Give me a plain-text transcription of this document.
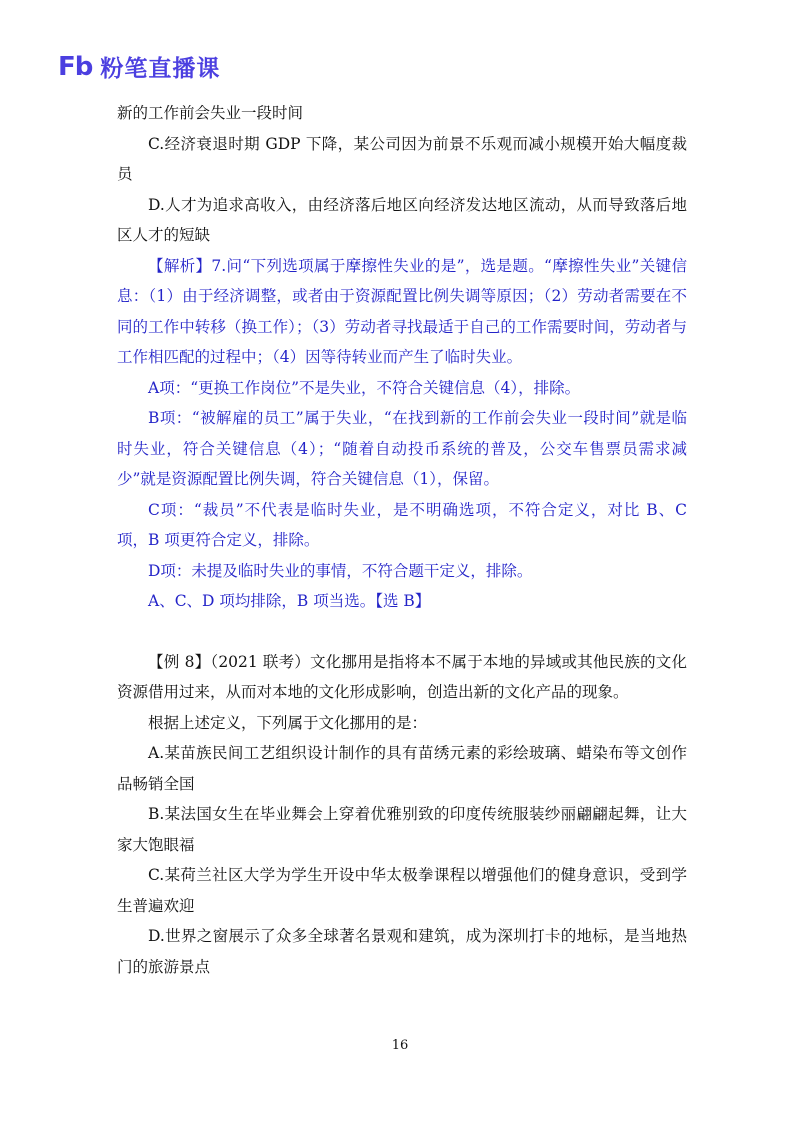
Fb 粉笔直播课

新的工作前会失业一段时间

C.经济衰退时期 GDP 下降，某公司因为前景不乐观而减小规模开始大幅度裁员

D.人才为追求高收入，由经济落后地区向经济发达地区流动，从而导致落后地区人才的短缺

【解析】7.问“下列选项属于摩擦性失业的是”，选是题。“摩擦性失业”关键信息：（1）由于经济调整，或者由于资源配置比例失调等原因；（2）劳动者需要在不同的工作中转移（换工作）；（3）劳动者寻找最适于自己的工作需要时间，劳动者与工作相匹配的过程中；（4）因等待转业而产生了临时失业。

A项：“更换工作岗位”不是失业，不符合关键信息（4），排除。

B项：“被解雇的员工”属于失业，“在找到新的工作前会失业一段时间”就是临时失业，符合关键信息（4）；“随着自动投币系统的普及，公交车售票员需求减少”就是资源配置比例失调，符合关键信息（1），保留。

C项：“裁员”不代表是临时失业，是不明确选项，不符合定义，对比 B、C 项，B 项更符合定义，排除。

D项：未提及临时失业的事情，不符合题干定义，排除。

A、C、D 项均排除，B 项当选。【选 B】

【例 8】（2021 联考）文化挪用是指将本不属于本地的异域或其他民族的文化资源借用过来，从而对本地的文化形成影响，创造出新的文化产品的现象。

根据上述定义，下列属于文化挪用的是：

A.某苗族民间工艺组织设计制作的具有苗绣元素的彩绘玻璃、蜡染布等文创作品畅销全国

B.某法国女生在毕业舞会上穿着优雅别致的印度传统服装纱丽翩翩起舞，让大家大饱眼福

C.某荷兰社区大学为学生开设中华太极拳课程以增强他们的健身意识，受到学生普遍欢迎

D.世界之窗展示了众多全球著名景观和建筑，成为深圳打卡的地标，是当地热门的旅游景点

16
